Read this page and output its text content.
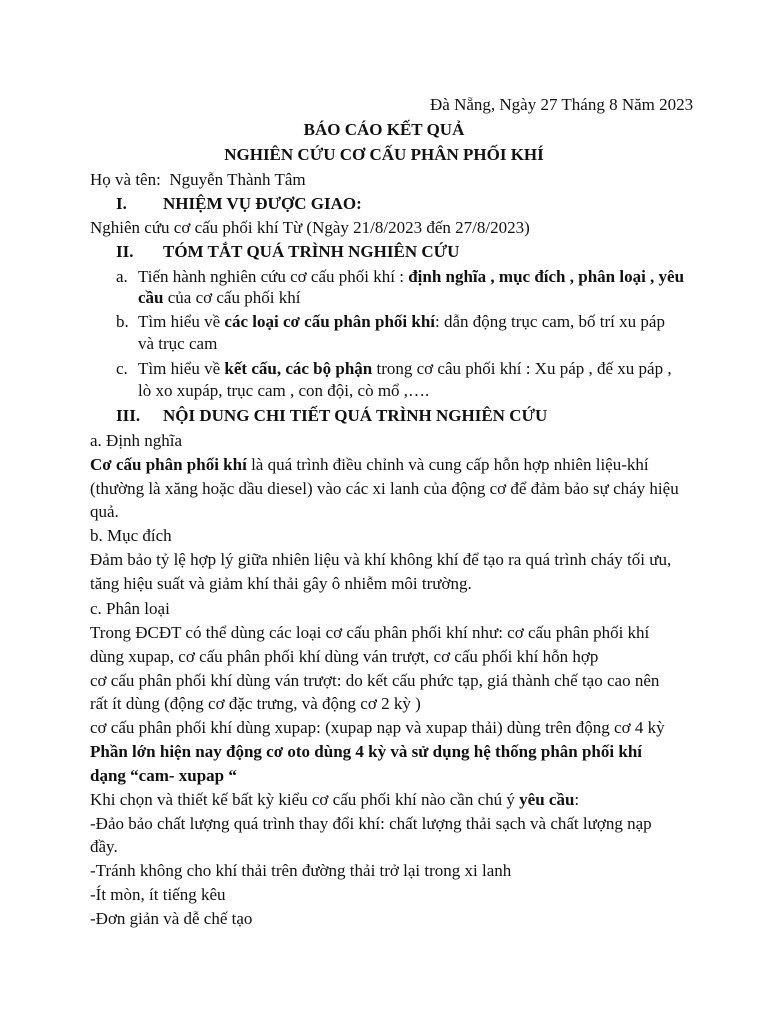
Đà Nẵng, Ngày 27 Tháng 8 Năm 2023
BÁO CÁO KẾT QUẢ
NGHIÊN CỨU CƠ CẤU PHÂN PHỐI KHÍ
Họ và tên: Nguyễn Thành Tâm
I. NHIỆM VỤ ĐƯỢC GIAO:
Nghiên cứu cơ cấu phối khí Từ (Ngày 21/8/2023 đến 27/8/2023)
II. TÓM TẮT QUÁ TRÌNH NGHIÊN CỨU
a. Tiến hành nghiên cứu cơ cấu phối khí : định nghĩa , mục đích , phân loại , yêu
cầu của cơ cấu phối khí
b. Tìm hiểu về các loại cơ cấu phân phối khí: dẫn động trục cam, bố trí xu páp
và trục cam
c. Tìm hiểu về kết cấu, các bộ phận trong cơ câu phối khí : Xu páp , đế xu páp ,
lò xo xupáp, trục cam , con đội, cò mổ ,….
III. NỘI DUNG CHI TIẾT QUÁ TRÌNH NGHIÊN CỨU
a. Định nghĩa
Cơ cấu phân phối khí là quá trình điều chỉnh và cung cấp hỗn hợp nhiên liệu-khí
(thường là xăng hoặc dầu diesel) vào các xi lanh của động cơ để đảm bảo sự cháy hiệu
quả.
b. Mục đích
Đảm bảo tỷ lệ hợp lý giữa nhiên liệu và khí không khí để tạo ra quá trình cháy tối ưu,
tăng hiệu suất và giảm khí thải gây ô nhiễm môi trường.
c. Phân loại
Trong ĐCĐT có thể dùng các loại cơ cấu phân phối khí như: cơ cấu phân phối khí
dùng xupap, cơ cấu phân phối khí dùng ván trượt, cơ cấu phối khí hỗn hợp
cơ cấu phân phối khí dùng ván trượt: do kết cấu phức tạp, giá thành chế tạo cao nên
rất ít dùng (động cơ đặc trưng, và động cơ 2 kỳ )
cơ cấu phân phối khí dùng xupap: (xupap nạp và xupap thải) dùng trên động cơ 4 kỳ
Phần lớn hiện nay động cơ oto dùng 4 kỳ và sử dụng hệ thống phân phối khí
dạng “cam- xupap “
Khi chọn và thiết kế bất kỳ kiểu cơ cấu phối khí nào cần chú ý yêu cầu:
-Đảo bảo chất lượng quá trình thay đổi khí: chất lượng thải sạch và chất lượng nạp
đầy.
-Tránh không cho khí thải trên đường thải trở lại trong xi lanh
-Ít mòn, ít tiếng kêu
-Đơn giản và dễ chế tạo
